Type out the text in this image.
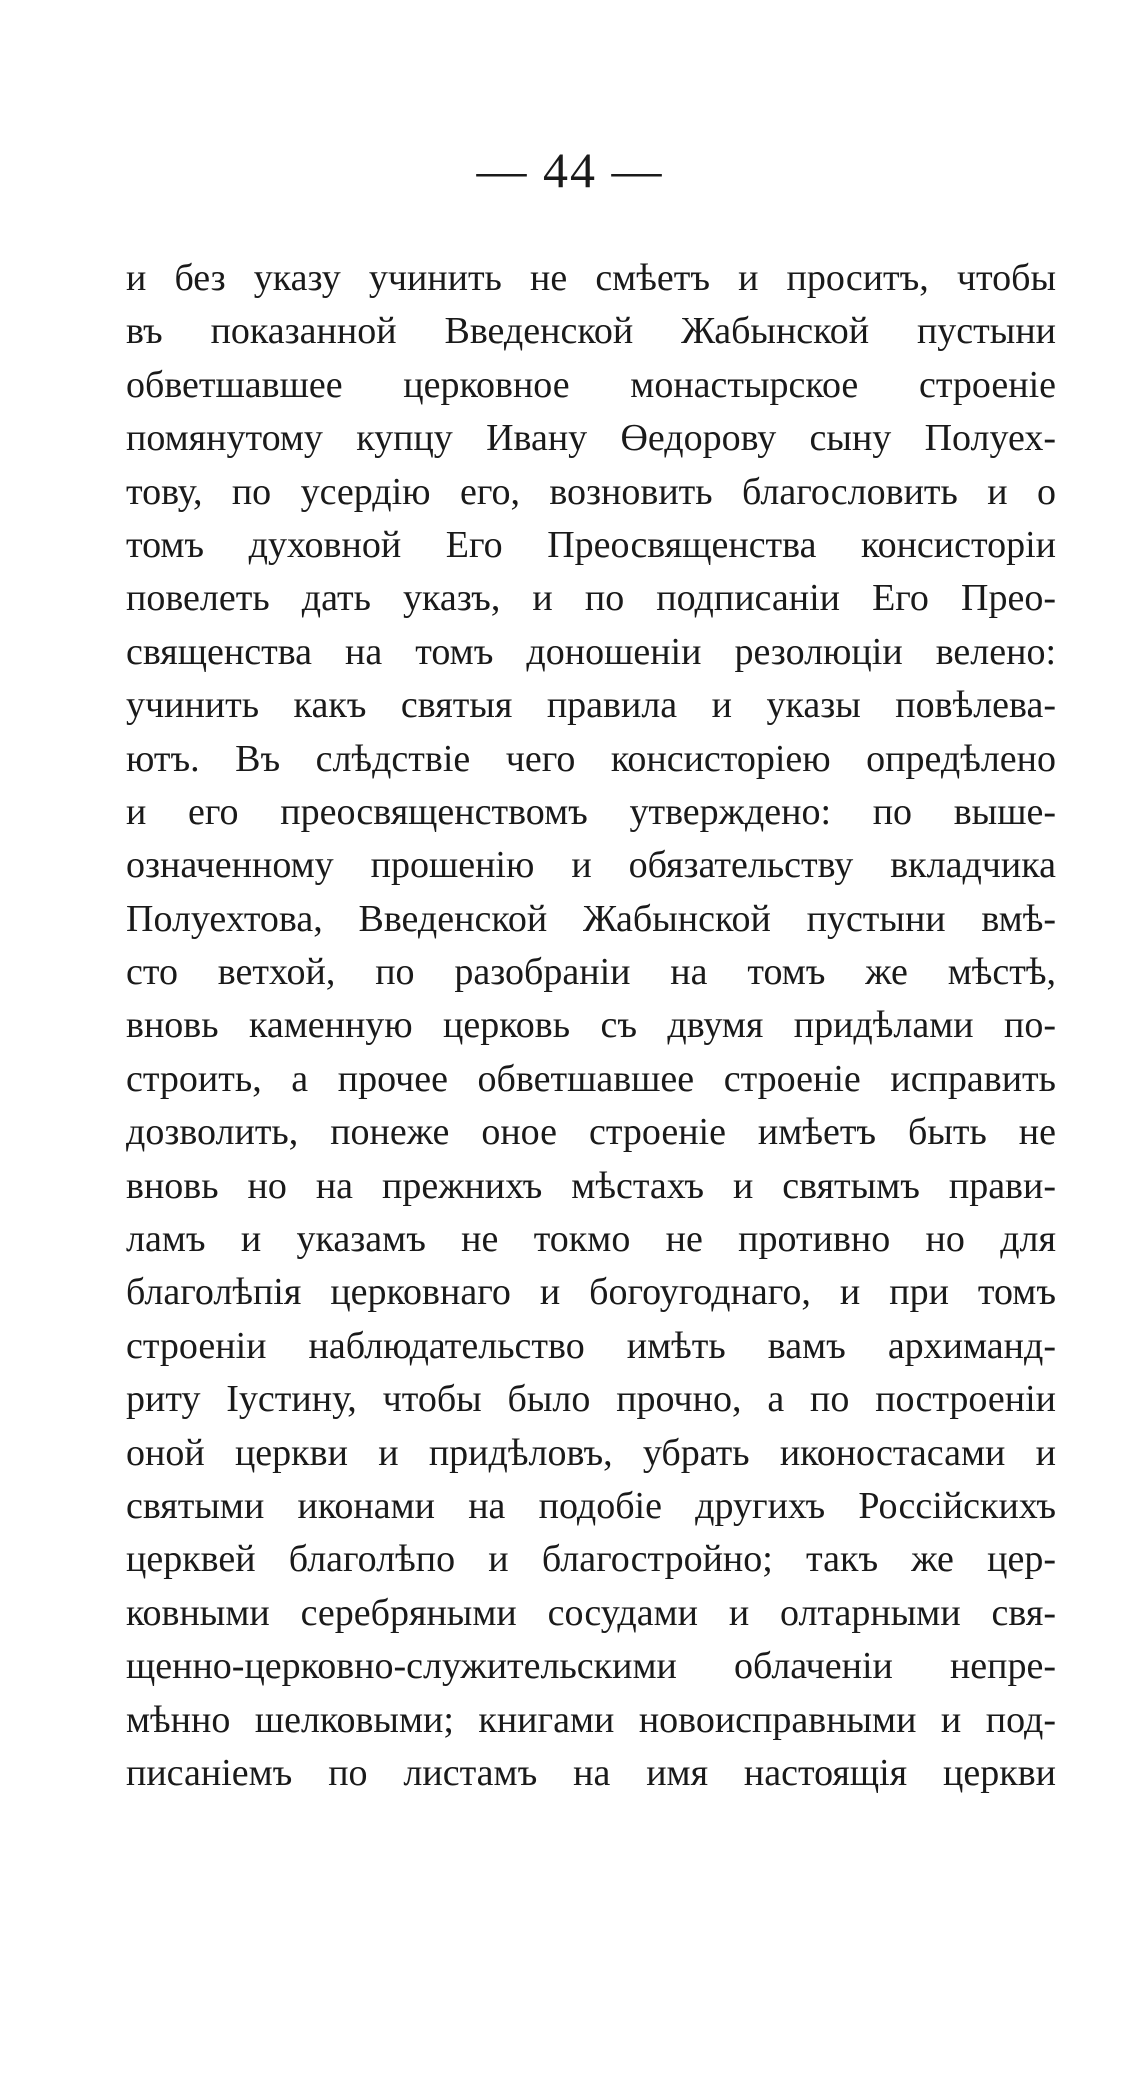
— 44 —
и без указу учинить не смѣетъ и проситъ, чтобы
въ показанной Введенской Жабынской пустыни
обветшавшее церковное монастырское строеніе
помянутому купцу Ивану Өедорову сыну Полуех-
тову, по усердію его, возновить благословить и о
томъ духовной Его Преосвященства консисторіи
повелеть дать указъ, и по подписаніи Его Прео-
священства на томъ доношеніи резолюціи велено:
учинить какъ святыя правила и указы повѣлева-
ютъ. Въ слѣдствіе чего консисторіею опредѣлено
и его преосвященствомъ утверждено: по выше-
означенному прошенію и обязательству вкладчика
Полуехтова, Введенской Жабынской пустыни вмѣ-
сто ветхой, по разобраніи на томъ же мѣстѣ,
вновь каменную церковь съ двумя придѣлами по-
строить, а прочее обветшавшее строеніе исправить
дозволить, понеже оное строеніе имѣетъ быть не
вновь но на прежнихъ мѣстахъ и святымъ прави-
ламъ и указамъ не токмо не противно но для
благолѣпія церковнаго и богоугоднаго, и при томъ
строеніи наблюдательство имѣть вамъ архиманд-
риту Іустину, чтобы было прочно, а по построеніи
оной церкви и придѣловъ, убрать иконостасами и
святыми иконами на подобіе другихъ Россійскихъ
церквей благолѣпо и благостройно; такъ же цер-
ковными серебряными сосудами и олтарными свя-
щенно-церковно-служительскими облаченіи непре-
мѣнно шелковыми; книгами новоисправными и под-
писаніемъ по листамъ на имя настоящія церкви
